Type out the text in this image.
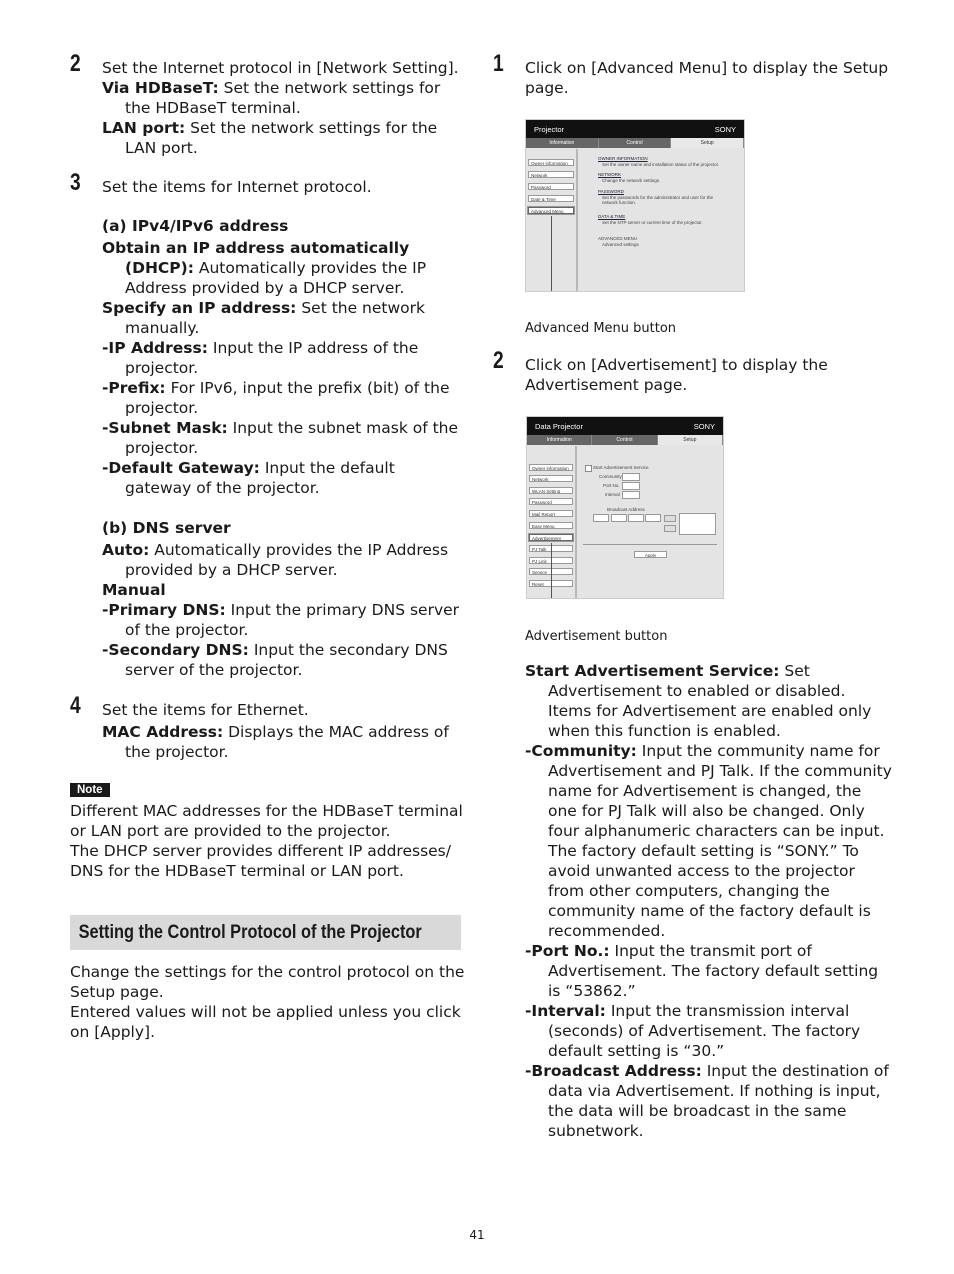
2 Set the Internet protocol in [Network Setting].

Via HDBaseT: Set the network settings for the HDBaseT terminal.

LAN port: Set the network settings for the LAN port.

3 Set the items for Internet protocol.

(a) IPv4/IPv6 address

Obtain an IP address automatically (DHCP): Automatically provides the IP Address provided by a DHCP server.

Specify an IP address: Set the network manually.

-IP Address: Input the IP address of the projector.

-Prefix: For IPv6, input the prefix (bit) of the projector.

-Subnet Mask: Input the subnet mask of the projector.

-Default Gateway: Input the default gateway of the projector.

(b) DNS server

Auto: Automatically provides the IP Address provided by a DHCP server.

Manual

-Primary DNS: Input the primary DNS server of the projector.

-Secondary DNS: Input the secondary DNS server of the projector.

4 Set the items for Ethernet.

MAC Address: Displays the MAC address of the projector.

Note

Different MAC addresses for the HDBaseT terminal or LAN port are provided to the projector.

The DHCP server provides different IP addresses/ DNS for the HDBaseT terminal or LAN port.

Setting the Control Protocol of the Projector

Change the settings for the control protocol on the Setup page.

Entered values will not be applied unless you click on [Apply].

1 Click on [Advanced Menu] to display the Setup page.

Projector	SONY
Information	Control	Setup
Owner information
Network
Password
Date & Time
Advanced Menu
OWNER INFORMATION
Set the owner name and installation status of the projector.
NETWORK
Change the network settings.
PASSWORD
Set the passwords for the administrator and user for the network function.
DATA & TIME
Set the NTP server or current time of the projector.
ADVANCED MENU
Advanced settings

Advanced Menu button

2 Click on [Advertisement] to display the Advertisement page.

Data Projector	SONY
Information	Control	Setup
Owner information
Network
WLAN Setting
Password
Mail Report
Easy Menu
Advertisement
PJ Talk
PJ Link
Service
Reset
Start Advertisement Service
Community
Port No.
Interval
Broadcast Address
Apply

Advertisement button

Start Advertisement Service: Set Advertisement to enabled or disabled. Items for Advertisement are enabled only when this function is enabled.

-Community: Input the community name for Advertisement and PJ Talk. If the community name for Advertisement is changed, the one for PJ Talk will also be changed. Only four alphanumeric characters can be input. The factory default setting is “SONY.” To avoid unwanted access to the projector from other computers, changing the community name of the factory default is recommended.

-Port No.: Input the transmit port of Advertisement. The factory default setting is “53862.”

-Interval: Input the transmission interval (seconds) of Advertisement. The factory default setting is “30.”

-Broadcast Address: Input the destination of data via Advertisement. If nothing is input, the data will be broadcast in the same subnetwork.

41
